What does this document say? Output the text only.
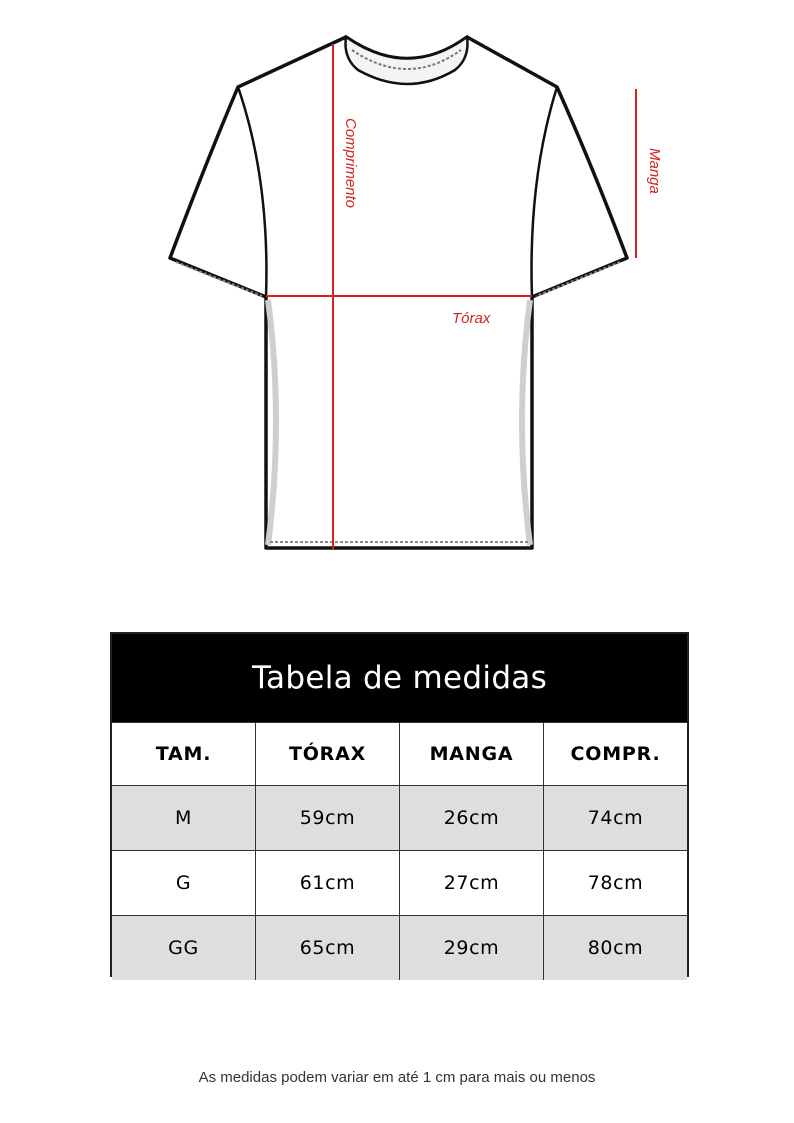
Comprimento	Manga
Tórax
Tabela de medidas
TAM.	TÓRAX	MANGA	COMPR.
M	59cm	26cm	74cm
G	61cm	27cm	78cm
GG	65cm	29cm	80cm
As medidas podem variar em até 1 cm para mais ou menos
